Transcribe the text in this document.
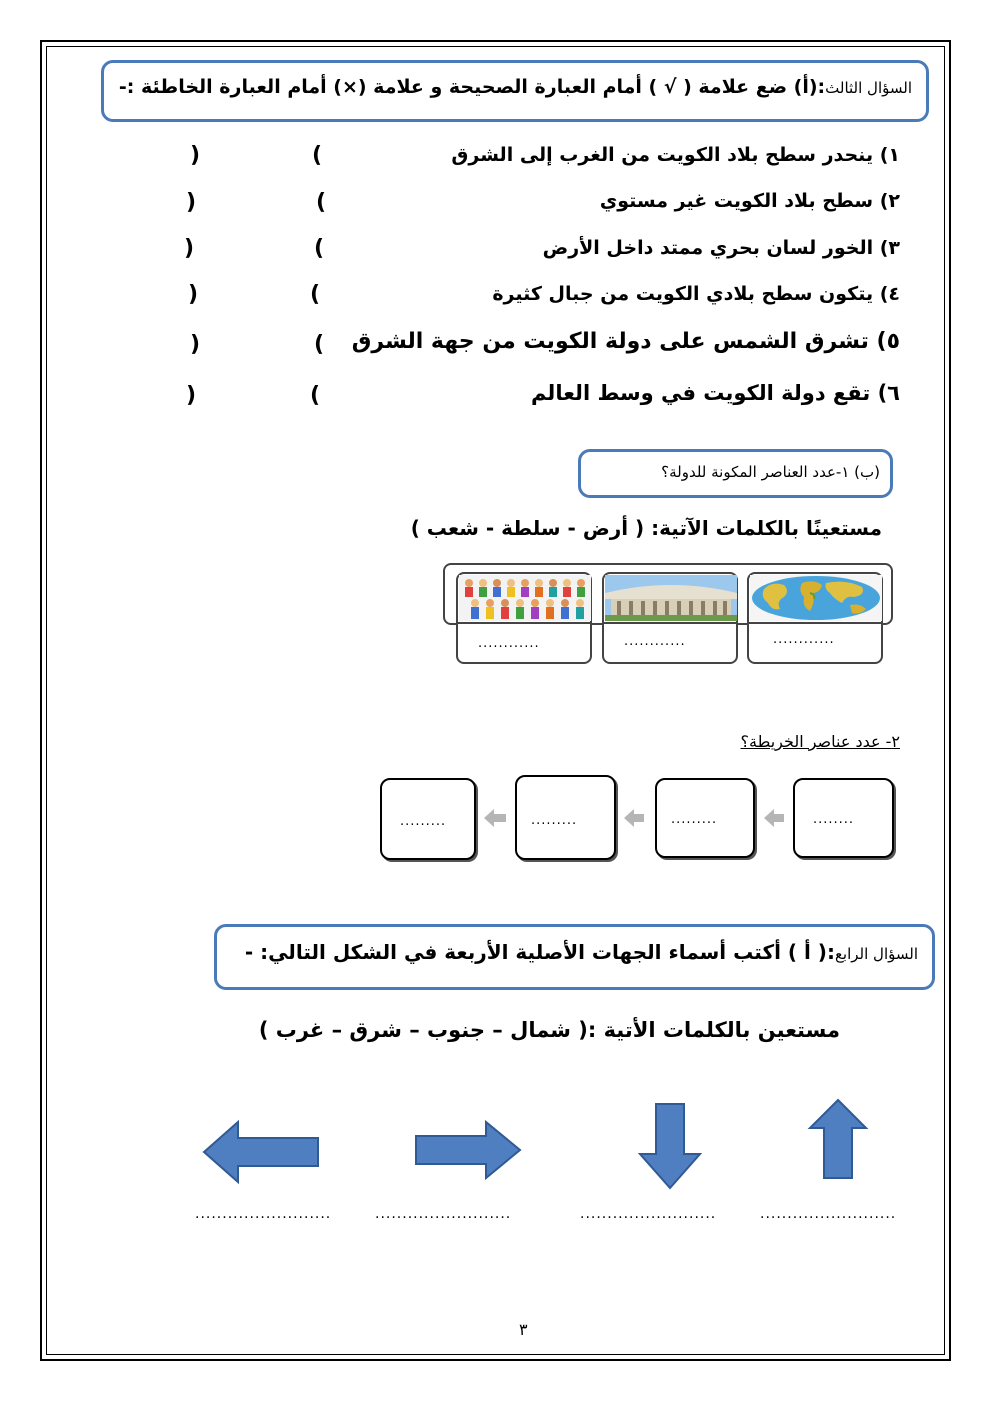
السؤال الثالث:(أ) ضع علامة ( √ ) أمام العبارة الصحيحة و علامة (×) أمام العبارة الخاطئة :-
١) ينحدر سطح بلاد الكويت من الغرب إلى الشرق
٢) سطح بلاد الكويت غير مستوي
٣) الخور لسان بحري ممتد داخل الأرض
٤) يتكون سطح بلادي الكويت من جبال كثيرة
٥) تشرق الشمس على دولة الكويت من جهة الشرق
٦) تقع دولة الكويت في وسط العالم
(
)
(
)
(
)
(
)
(
)
(
)
(ب) ١-عدد العناصر المكونة للدولة؟
مستعينًا بالكلمات الآتية: ( أرض - سلطة - شعب )
............	............	............
٢- عدد عناصر الخريطة؟
........
.........
.........
.........
السؤال الرابع:( أ ) أكتب أسماء الجهات الأصلية الأربعة في الشكل التالي: -
مستعين بالكلمات الأتية :( شمال – جنوب – شرق – غرب )
.........................
.........................
.........................
.........................
٣
